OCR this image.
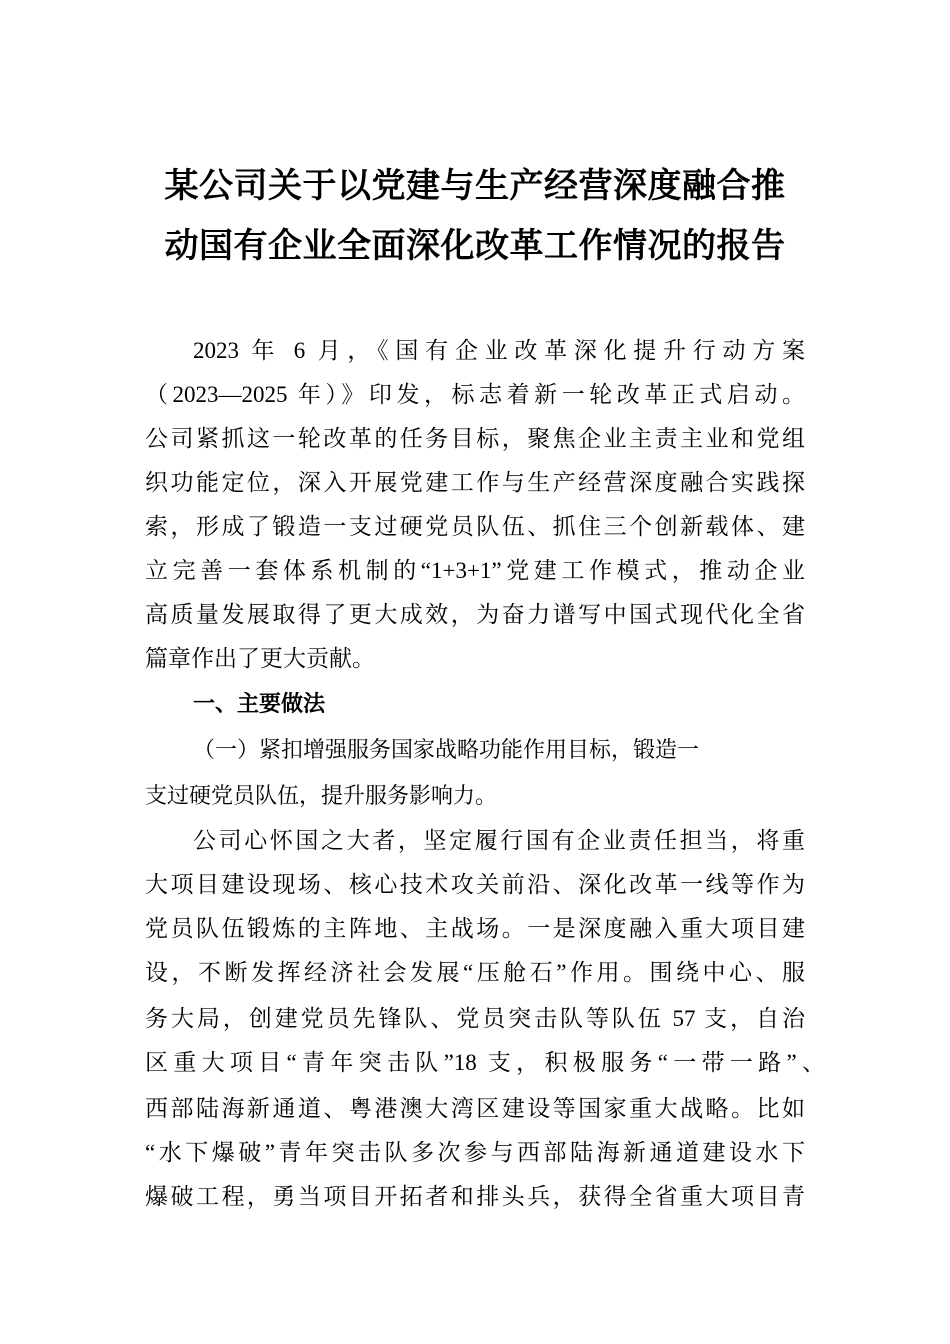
某公司关于以党建与生产经营深度融合推
动国有企业全面深化改革工作情况的报告
2023 年 6 月，《国有企业改革深化提升行动方案
（2023—2025 年）》印发，标志着新一轮改革正式启动。
公司紧抓这一轮改革的任务目标，聚焦企业主责主业和党组
织功能定位，深入开展党建工作与生产经营深度融合实践探
索，形成了锻造一支过硬党员队伍、抓住三个创新载体、建
立完善一套体系机制的“1+3+1”党建工作模式，推动企业
高质量发展取得了更大成效，为奋力谱写中国式现代化全省
篇章作出了更大贡献。
一、主要做法
（一）紧扣增强服务国家战略功能作用目标，锻造一
支过硬党员队伍，提升服务影响力。
公司心怀国之大者，坚定履行国有企业责任担当，将重
大项目建设现场、核心技术攻关前沿、深化改革一线等作为
党员队伍锻炼的主阵地、主战场。一是深度融入重大项目建
设，不断发挥经济社会发展“压舱石”作用。围绕中心、服
务大局，创建党员先锋队、党员突击队等队伍 57 支，自治
区重大项目“青年突击队”18 支，积极服务“一带一路”、
西部陆海新通道、粤港澳大湾区建设等国家重大战略。比如
“水下爆破”青年突击队多次参与西部陆海新通道建设水下
爆破工程，勇当项目开拓者和排头兵，获得全省重大项目青
